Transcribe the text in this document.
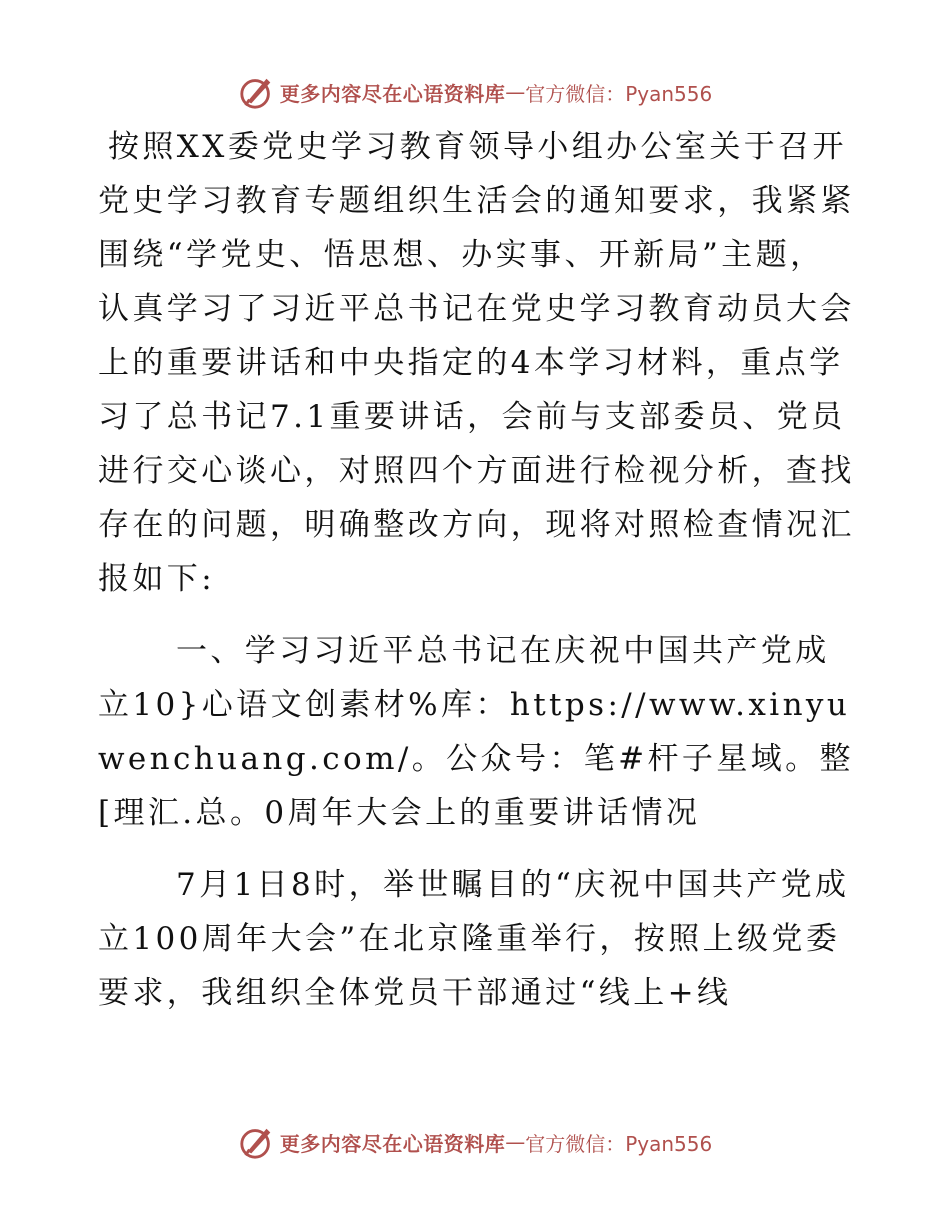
更多内容尽在心语资料库 — 官方微信：Pyan556

按照XX委党史学习教育领导小组办公室关于召开党史学习教育专题组织生活会的通知要求，我紧紧围绕“学党史、悟思想、办实事、开新局”主题，认真学习了习近平总书记在党史学习教育动员大会上的重要讲话和中央指定的4本学习材料，重点学习了总书记7.1重要讲话，会前与支部委员、党员进行交心谈心，对照四个方面进行检视分析，查找存在的问题，明确整改方向，现将对照检查情况汇报如下:

一、学习习近平总书记在庆祝中国共产党成立10}心语文创素材%库：https://www.xinyuwenchuang.com/。公众号：笔#杆子星域。整[理汇.总。0周年大会上的重要讲话情况

7月1日8时，举世瞩目的“庆祝中国共产党成立100周年大会”在北京隆重举行，按照上级党委要求，我组织全体党员干部通过“线上+线

更多内容尽在心语资料库 — 官方微信：Pyan556
